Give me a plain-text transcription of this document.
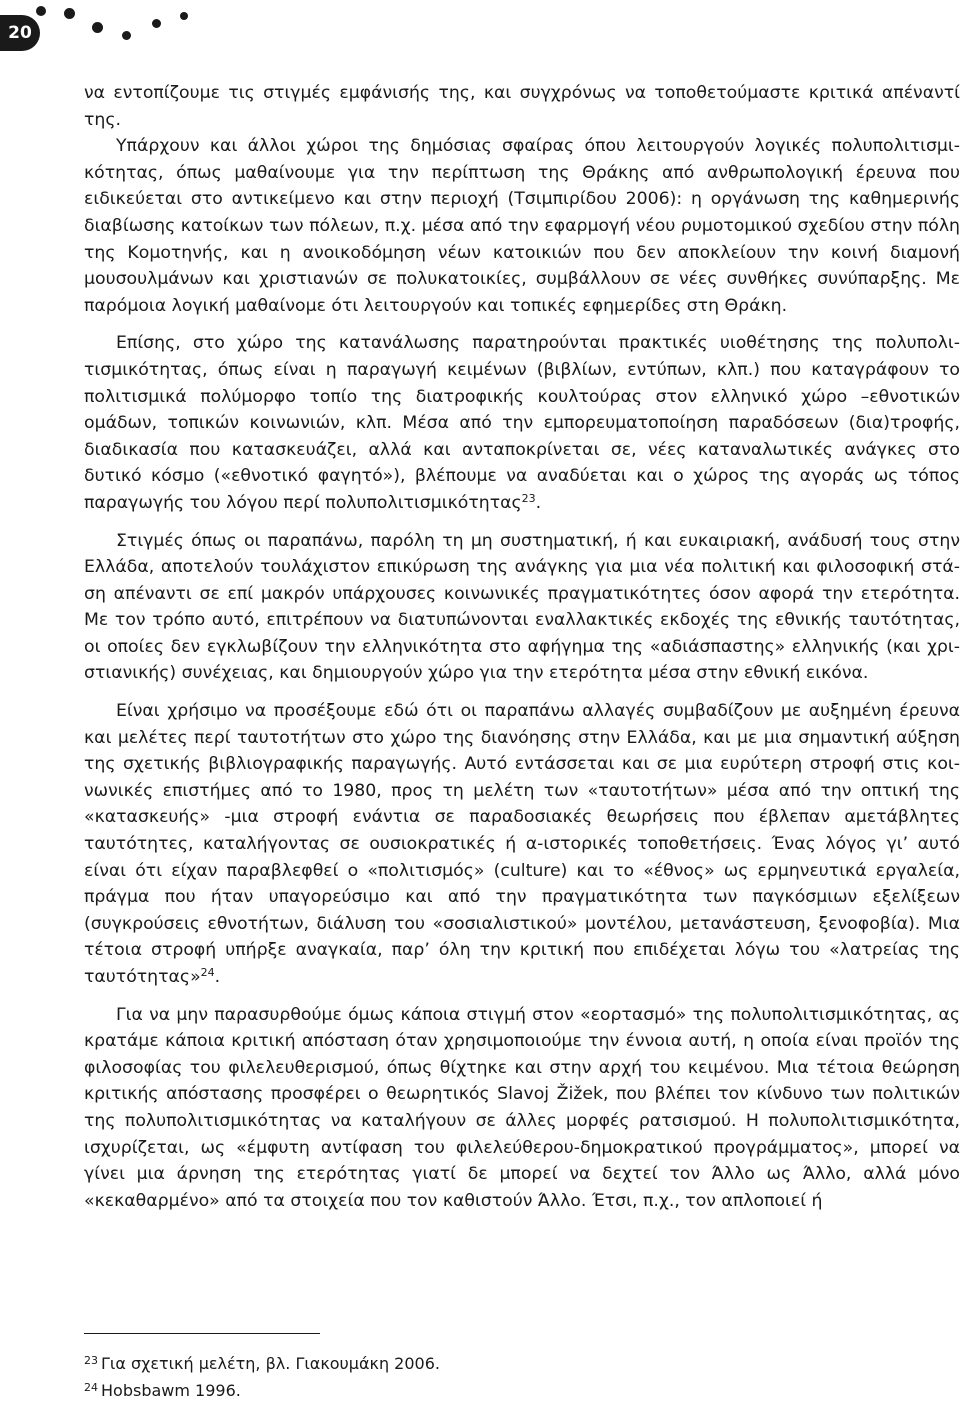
20

να εντοπίζουμε τις στιγμές εμφάνισής της, και συγχρόνως να τοποθετούμαστε κριτικά απέναντί της.

Υπάρχουν και άλλοι χώροι της δημόσιας σφαίρας όπου λειτουργούν λογικές πολυπολιτισμικότητας, όπως μαθαίνουμε για την περίπτωση της Θράκης από ανθρωπολογική έρευνα που ειδικεύεται στο αντικείμενο και στην περιοχή (Τσιμπιρίδου 2006): η οργάνωση της καθημερινής διαβίωσης κατοίκων των πόλεων, π.χ. μέσα από την εφαρμογή νέου ρυμοτομικού σχεδίου στην πόλη της Κομοτηνής, και η ανοικοδόμηση νέων κατοικιών που δεν αποκλείουν την κοινή διαμονή μουσουλμάνων και χριστιανών σε πολυκατοικίες, συμβάλλουν σε νέες συνθήκες συνύπαρξης. Με παρόμοια λογική μαθαίνομε ότι λειτουργούν και τοπικές εφημερίδες στη Θράκη.

Επίσης, στο χώρο της κατανάλωσης παρατηρούνται πρακτικές υιοθέτησης της πολυπολιτισμικότητας, όπως είναι η παραγωγή κειμένων (βιβλίων, εντύπων, κλπ.) που καταγράφουν το πολιτισμικά πολύμορφο τοπίο της διατροφικής κουλτούρας στον ελληνικό χώρο –εθνοτικών ομάδων, τοπικών κοινωνιών, κλπ. Μέσα από την εμπορευματοποίηση παραδόσεων (δια)τροφής, διαδικασία που κατασκευάζει, αλλά και ανταποκρίνεται σε, νέες καταναλωτικές ανάγκες στο δυτικό κόσμο («εθνοτικό φαγητό»), βλέπουμε να αναδύεται και ο χώρος της αγοράς ως τόπος παραγωγής του λόγου περί πολυπολιτισμικότητας$^{23}$.

Στιγμές όπως οι παραπάνω, παρόλη τη μη συστηματική, ή και ευκαιριακή, ανάδυσή τους στην Ελλάδα, αποτελούν τουλάχιστον επικύρωση της ανάγκης για μια νέα πολιτική και φιλοσοφική στάση απέναντι σε επί μακρόν υπάρχουσες κοινωνικές πραγματικότητες όσον αφορά την ετερότητα. Με τον τρόπο αυτό, επιτρέπουν να διατυπώνονται εναλλακτικές εκδοχές της εθνικής ταυτότητας, οι οποίες δεν εγκλωβίζουν την ελληνικότητα στο αφήγημα της «αδιάσπαστης» ελληνικής (και χριστιανικής) συνέχειας, και δημιουργούν χώρο για την ετερότητα μέσα στην εθνική εικόνα.

Είναι χρήσιμο να προσέξουμε εδώ ότι οι παραπάνω αλλαγές συμβαδίζουν με αυξημένη έρευνα και μελέτες περί ταυτοτήτων στο χώρο της διανόησης στην Ελλάδα, και με μια σημαντική αύξηση της σχετικής βιβλιογραφικής παραγωγής. Αυτό εντάσσεται και σε μια ευρύτερη στροφή στις κοινωνικές επιστήμες από το 1980, προς τη μελέτη των «ταυτοτήτων» μέσα από την οπτική της «κατασκευής» -μια στροφή ενάντια σε παραδοσιακές θεωρήσεις που έβλεπαν αμετάβλητες ταυτότητες, καταλήγοντας σε ουσιοκρατικές ή α-ιστορικές τοποθετήσεις. Ένας λόγος γι’ αυτό είναι ότι είχαν παραβλεφθεί ο «πολιτισμός» (culture) και το «έθνος» ως ερμηνευτικά εργαλεία, πράγμα που ήταν υπαγορεύσιμο και από την πραγματικότητα των παγκόσμιων εξελίξεων (συγκρούσεις εθνοτήτων, διάλυση του «σοσιαλιστικού» μοντέλου, μετανάστευση, ξενοφοβία). Μια τέτοια στροφή υπήρξε αναγκαία, παρ’ όλη την κριτική που επιδέχεται λόγω του «λατρείας της ταυτότητας»$^{24}$.

Για να μην παρασυρθούμε όμως κάποια στιγμή στον «εορτασμό» της πολυπολιτισμικότητας, ας κρατάμε κάποια κριτική απόσταση όταν χρησιμοποιούμε την έννοια αυτή, η οποία είναι προϊόν της φιλοσοφίας του φιλελευθερισμού, όπως θίχτηκε και στην αρχή του κειμένου. Μια τέτοια θεώρηση κριτικής απόστασης προσφέρει ο θεωρητικός Slavoj Žižek, που βλέπει τον κίνδυνο των πολιτικών της πολυπολιτισμικότητας να καταλήγουν σε άλλες μορφές ρατσισμού. Η πολυπολιτισμικότητα, ισχυρίζεται, ως «έμφυτη αντίφαση του φιλελεύθερου-δημοκρατικού προγράμματος», μπορεί να γίνει μια άρνηση της ετερότητας γιατί δε μπορεί να δεχτεί τον Άλλο ως Άλλο, αλλά μόνο «κεκαθαρμένο» από τα στοιχεία που τον καθιστούν Άλλο. Έτσι, π.χ., τον απλοποιεί ή

$^{23}$ Για σχετική μελέτη, βλ. Γιακουμάκη 2006.
$^{24}$ Hobsbawm 1996.
